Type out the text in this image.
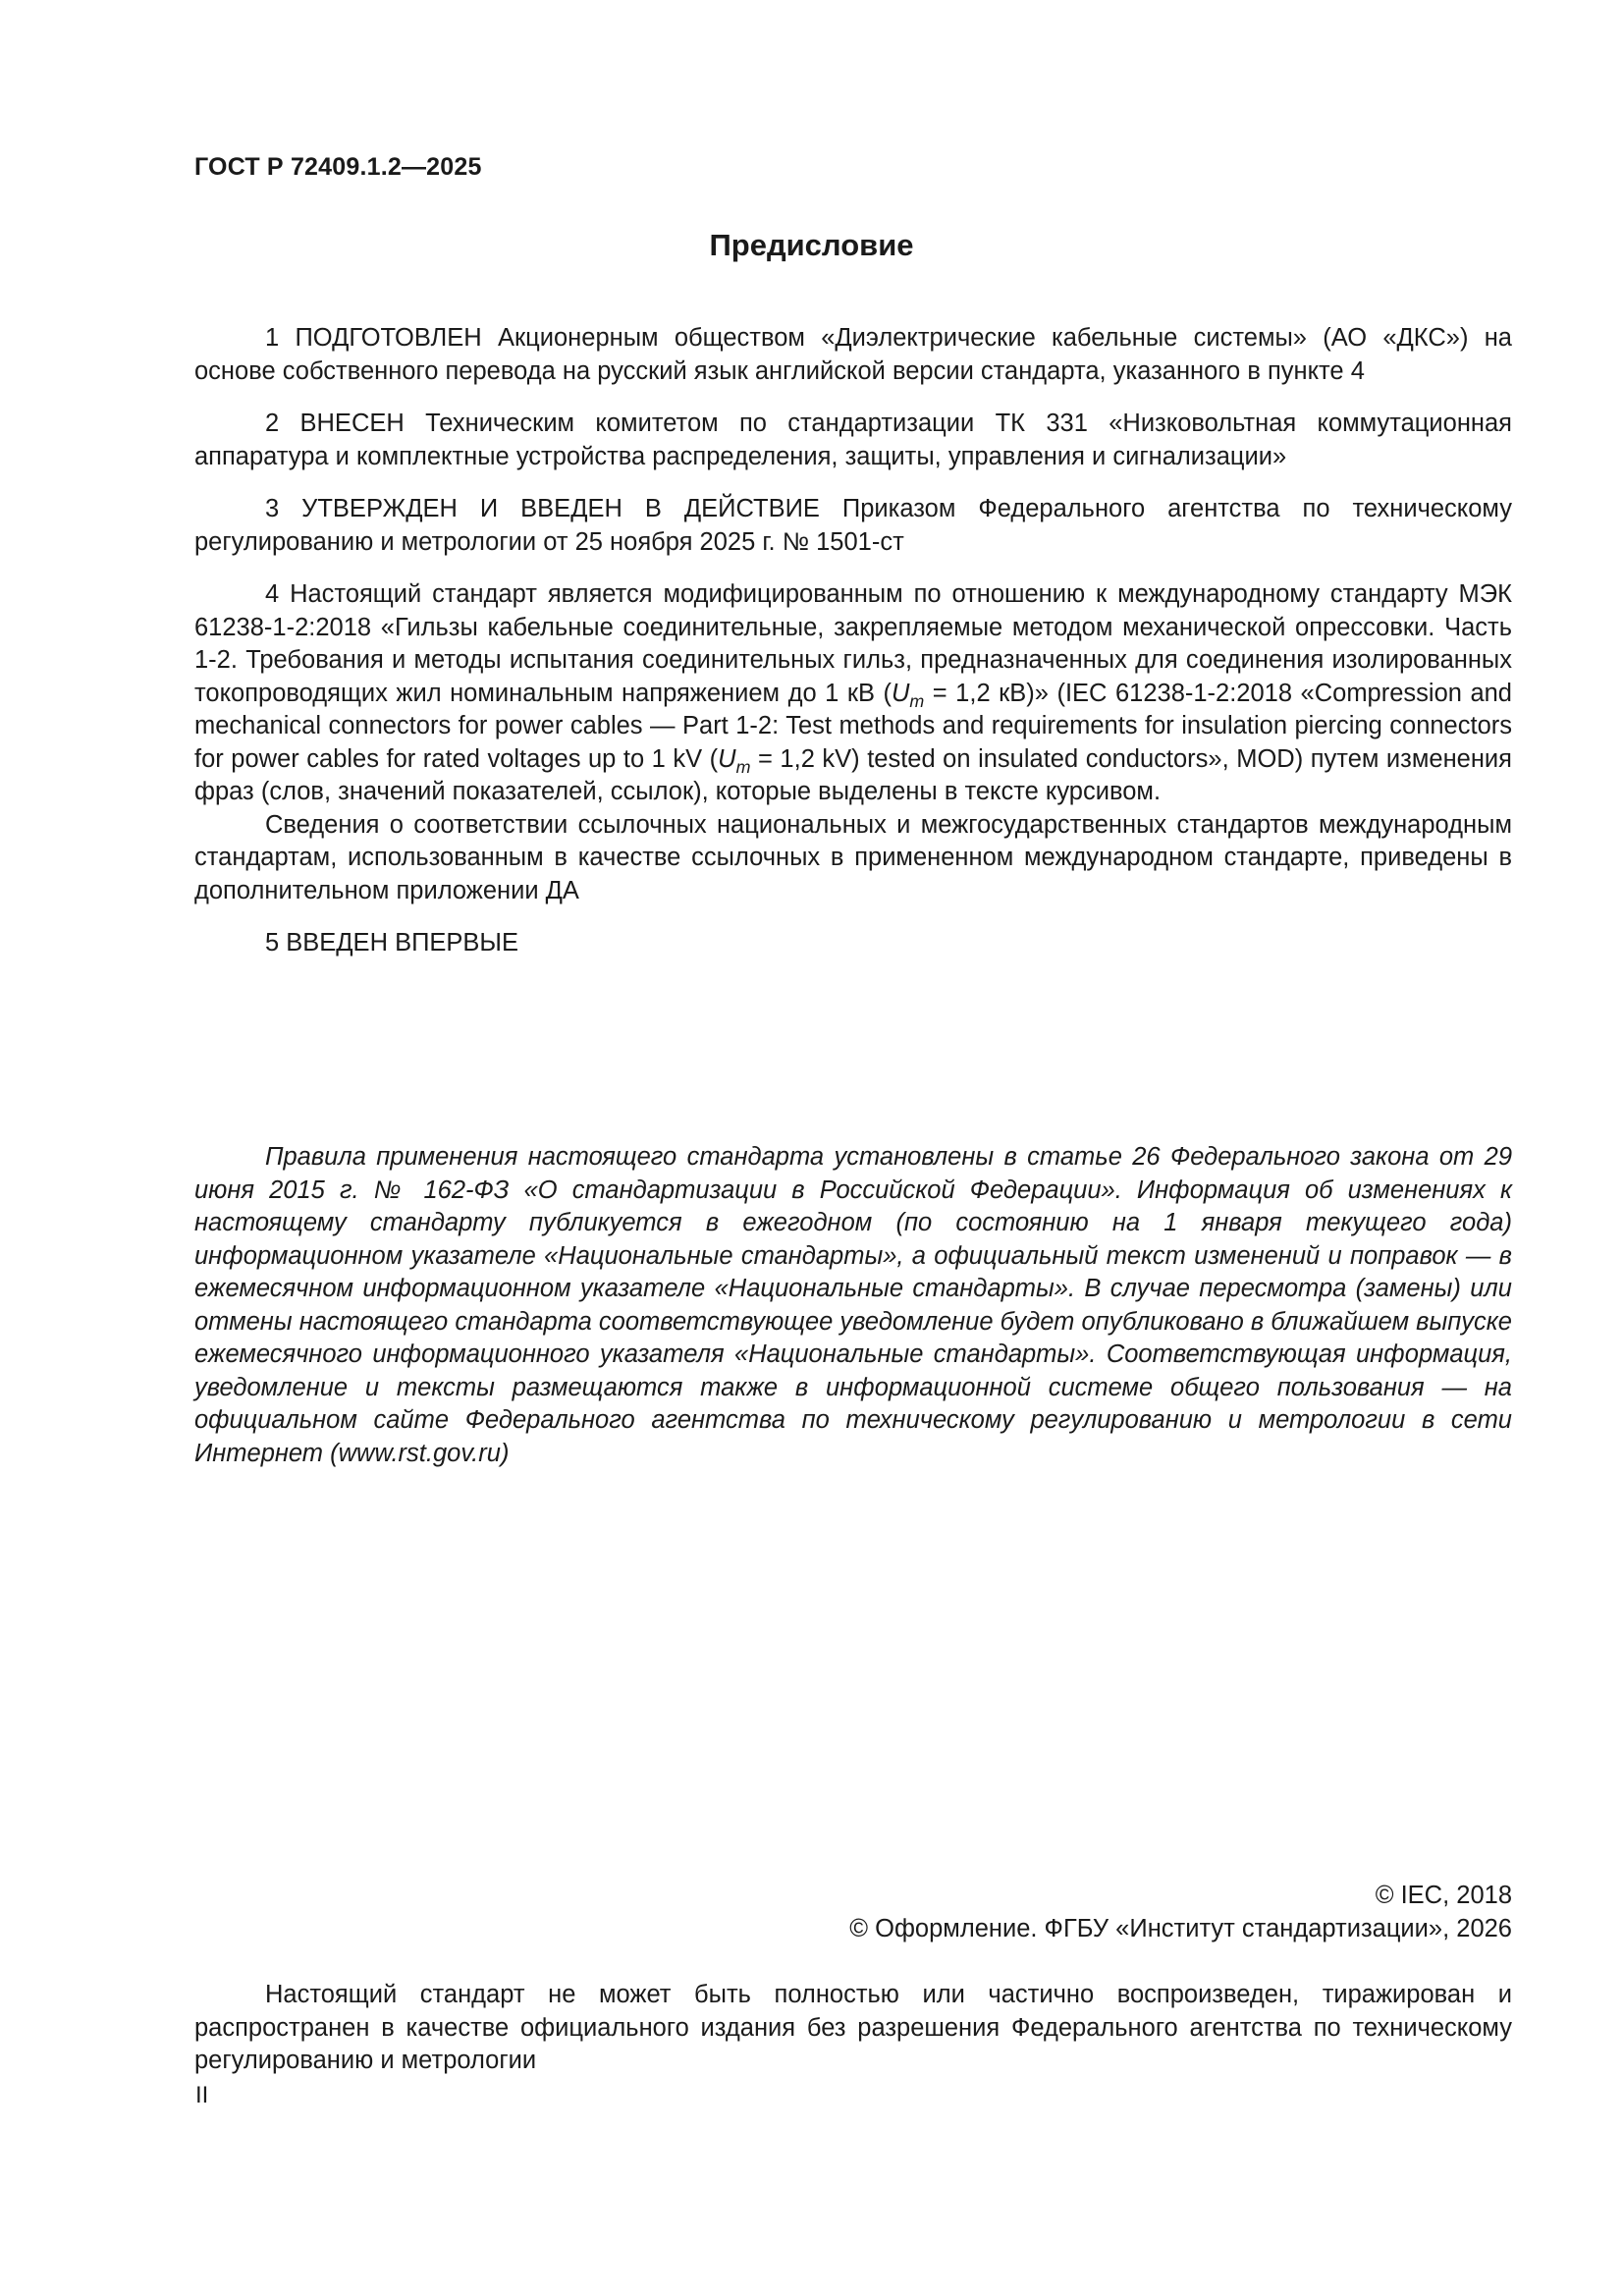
ГОСТ Р 72409.1.2—2025
Предисловие

1 ПОДГОТОВЛЕН Акционерным обществом «Диэлектрические кабельные системы» (АО «ДКС») на основе собственного перевода на русский язык английской версии стандарта, указанного в пункте 4

2 ВНЕСЕН Техническим комитетом по стандартизации ТК 331 «Низковольтная коммутационная аппаратура и комплектные устройства распределения, защиты, управления и сигнализации»

3 УТВЕРЖДЕН И ВВЕДЕН В ДЕЙСТВИЕ Приказом Федерального агентства по техническому регулированию и метрологии от 25 ноября 2025 г. № 1501-ст

4 Настоящий стандарт является модифицированным по отношению к международному стандарту МЭК 61238-1-2:2018 «Гильзы кабельные соединительные, закрепляемые методом механической опрессовки. Часть 1-2. Требования и методы испытания соединительных гильз, предназначенных для соединения изолированных токопроводящих жил номинальным напряжением до 1 кВ ($U_m = 1,2$ кВ)» (IEC 61238-1-2:2018 «Compression and mechanical connectors for power cables — Part 1-2: Test methods and requirements for insulation piercing connectors for power cables for rated voltages up to 1 kV ($U_m = 1,2$ kV) tested on insulated conductors», MOD) путем изменения фраз (слов, значений показателей, ссылок), которые выделены в тексте курсивом.

Сведения о соответствии ссылочных национальных и межгосударственных стандартов международным стандартам, использованным в качестве ссылочных в примененном международном стандарте, приведены в дополнительном приложении ДА

5 ВВЕДЕН ВПЕРВЫЕ

Правила применения настоящего стандарта установлены в статье 26 Федерального закона от 29 июня 2015 г. № 162-ФЗ «О стандартизации в Российской Федерации». Информация об изменениях к настоящему стандарту публикуется в ежегодном (по состоянию на 1 января текущего года) информационном указателе «Национальные стандарты», а официальный текст изменений и поправок — в ежемесячном информационном указателе «Национальные стандарты». В случае пересмотра (замены) или отмены настоящего стандарта соответствующее уведомление будет опубликовано в ближайшем выпуске ежемесячного информационного указателя «Национальные стандарты». Соответствующая информация, уведомление и тексты размещаются также в информационной системе общего пользования — на официальном сайте Федерального агентства по техническому регулированию и метрологии в сети Интернет (www.rst.gov.ru)

© IEC, 2018
© Оформление. ФГБУ «Институт стандартизации», 2026

Настоящий стандарт не может быть полностью или частично воспроизведен, тиражирован и распространен в качестве официального издания без разрешения Федерального агентства по техническому регулированию и метрологии

II
